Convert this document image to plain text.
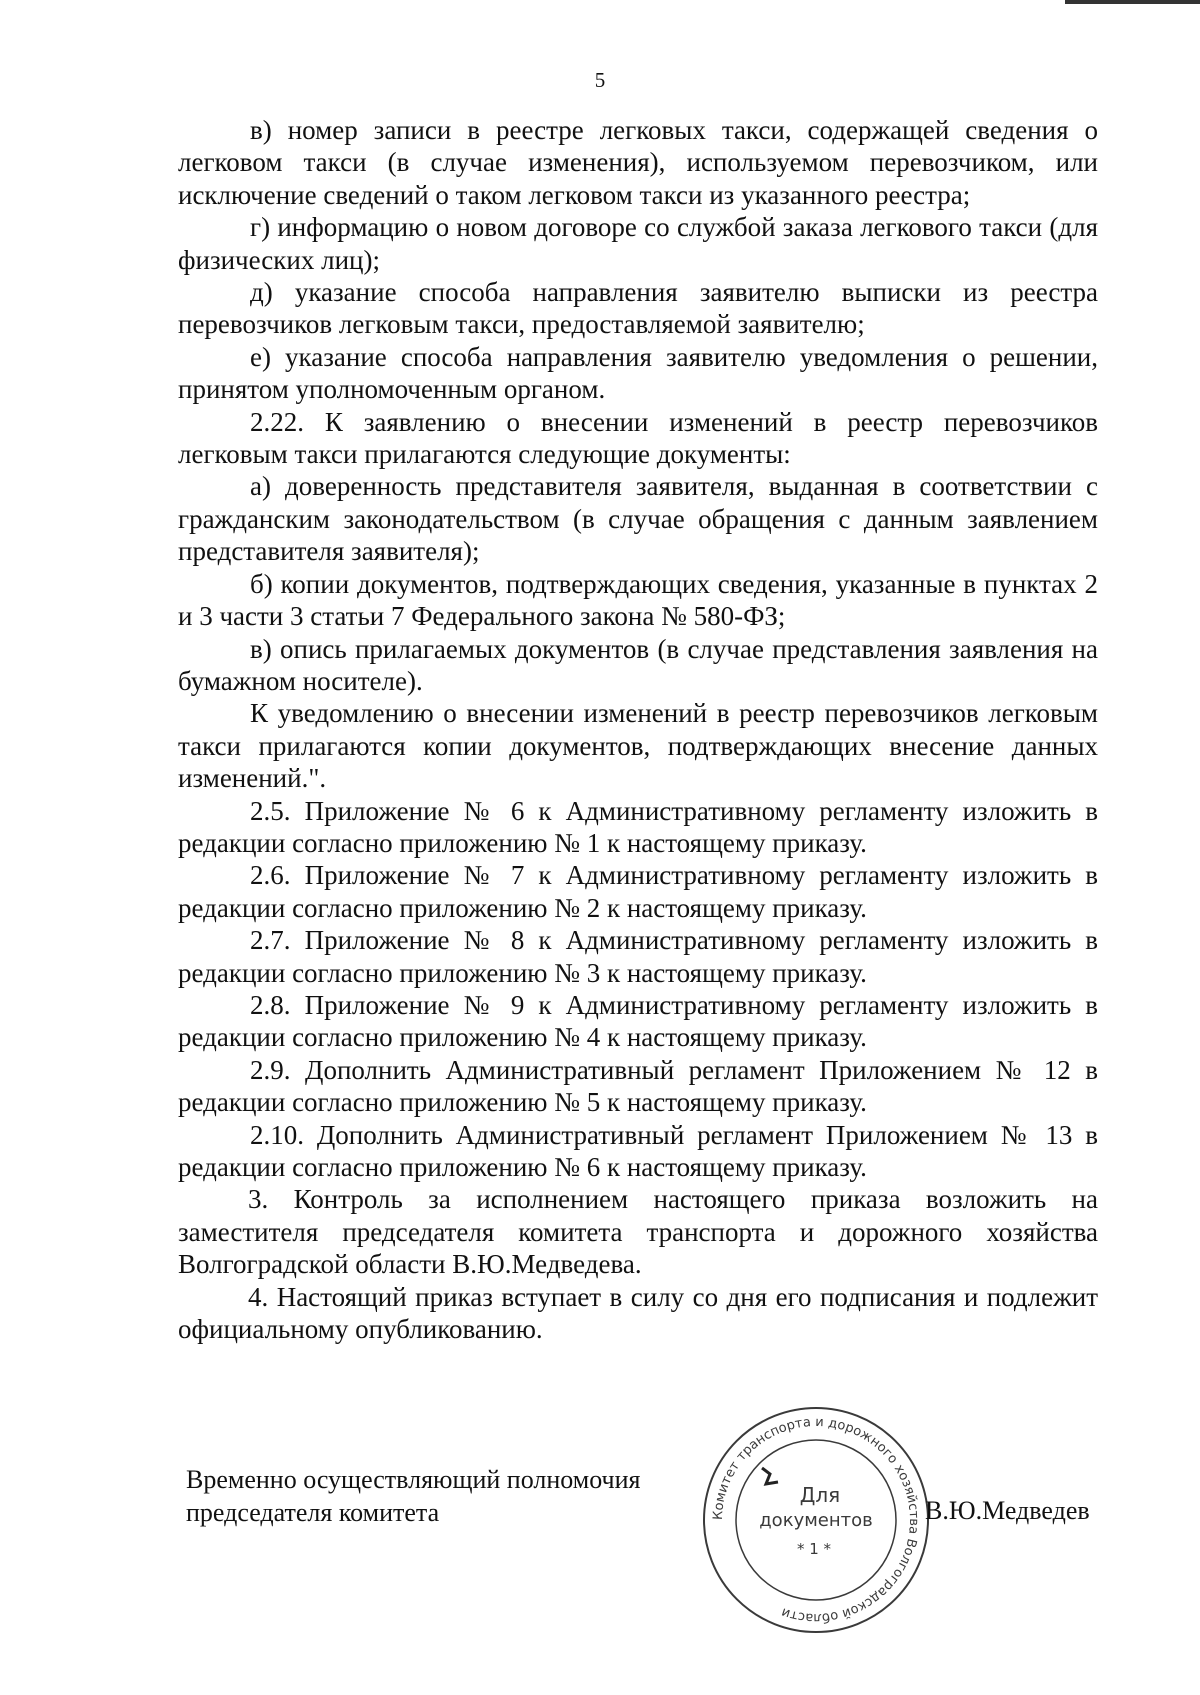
5

в) номер записи в реестре легковых такси, содержащей сведения о легковом такси (в случае изменения), используемом перевозчиком, или исключение сведений о таком легковом такси из указанного реестра;

г) информацию о новом договоре со службой заказа легкового такси (для физических лиц);

д) указание способа направления заявителю выписки из реестра перевозчиков легковым такси, предоставляемой заявителю;

е) указание способа направления заявителю уведомления о решении, принятом уполномоченным органом.

2.22. К заявлению о внесении изменений в реестр перевозчиков легковым такси прилагаются следующие документы:

а) доверенность представителя заявителя, выданная в соответствии с гражданским законодательством (в случае обращения с данным заявлением представителя заявителя);

б) копии документов, подтверждающих сведения, указанные в пунктах 2 и 3 части 3 статьи 7 Федерального закона № 580-ФЗ;

в) опись прилагаемых документов (в случае представления заявления на бумажном носителе).

К уведомлению о внесении изменений в реестр перевозчиков легковым такси прилагаются копии документов, подтверждающих внесение данных изменений.".

2.5. Приложение № 6 к Административному регламенту изложить в редакции согласно приложению № 1 к настоящему приказу.

2.6. Приложение № 7 к Административному регламенту изложить в редакции согласно приложению № 2 к настоящему приказу.

2.7. Приложение № 8 к Административному регламенту изложить в редакции согласно приложению № 3 к настоящему приказу.

2.8. Приложение № 9 к Административному регламенту изложить в редакции согласно приложению № 4 к настоящему приказу.

2.9. Дополнить Административный регламент Приложением № 12 в редакции согласно приложению № 5 к настоящему приказу.

2.10. Дополнить Административный регламент Приложением № 13 в редакции согласно приложению № 6 к настоящему приказу.

3. Контроль за исполнением настоящего приказа возложить на заместителя председателя комитета транспорта и дорожного хозяйства Волгоградской области В.Ю.Медведева.

4. Настоящий приказ вступает в силу со дня его подписания и подлежит официальному опубликованию.

Временно осуществляющий полномочия
председателя комитета	Комитет транспорта и дорожного хозяйства Волгоградской области
Для
документов
* 1 *
В.Ю.Медведев
